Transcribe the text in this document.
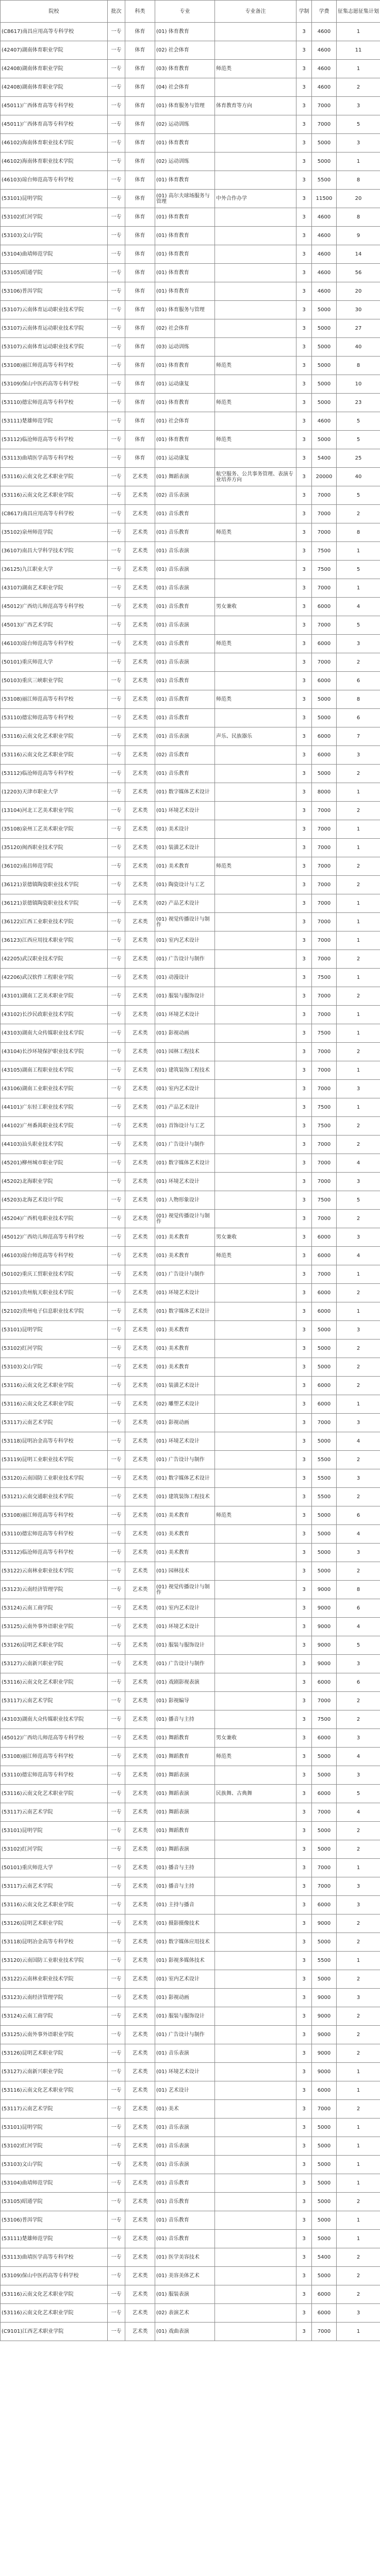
院校	批次	科类	专业	专业备注	学制	学费	征集志愿征集计划
(C8617)南昌应用高等专科学校	一专	体育	(01) 体育教育		3	4600	1
(42407)湖南体育职业学院	一专	体育	(02) 社会体育		3	4600	11
(42408)湖南体育职业学院	一专	体育	(03) 体育教育	师范类	3	4600	1
(42408)湖南体育职业学院	一专	体育	(04) 社会体育		3	4600	2
(45011)广西体育高等专科学校	一专	体育	(01) 体育服务与管理	体育教育等方向	3	7000	3
(45011)广西体育高等专科学校	一专	体育	(02) 运动训练		3	7000	5
(46102)海南体育职业技术学院	一专	体育	(01) 体育教育		3	5000	3
(46102)海南体育职业技术学院	一专	体育	(02) 运动训练		3	5000	1
(46103)琼台师范高等专科学校	一专	体育	(01) 体育教育		3	5500	8
(53101)昆明学院	一专	体育	(01) 高尔夫球场服务与管理	中外合作办学	3	11500	20
(53102)红河学院	一专	体育	(01) 体育教育		3	4600	8
(53103)文山学院	一专	体育	(01) 体育教育		3	4600	9
(53104)曲靖师范学院	一专	体育	(01) 体育教育		3	4600	14
(53105)昭通学院	一专	体育	(01) 体育教育		3	4600	56
(53106)普洱学院	一专	体育	(01) 体育教育		3	4600	20
(53107)云南体育运动职业技术学院	一专	体育	(01) 体育服务与管理		3	5000	30
(53107)云南体育运动职业技术学院	一专	体育	(02) 社会体育		3	5000	27
(53107)云南体育运动职业技术学院	一专	体育	(03) 运动训练		3	5000	40
(53108)丽江师范高等专科学校	一专	体育	(01) 体育教育	师范类	3	5000	8
(53109)保山中医药高等专科学校	一专	体育	(01) 运动康复		3	5000	10
(53110)德宏师范高等专科学校	一专	体育	(01) 体育教育	师范类	3	5000	23
(53111)楚雄师范学院	一专	体育	(01) 社会体育		3	4600	5
(53112)临沧师范高等专科学校	一专	体育	(01) 体育教育	师范类	3	5000	5
(53113)曲靖医学高等专科学校	一专	体育	(01) 运动康复		3	5400	25
(53116)云南文化艺术职业学院	一专	艺术类	(01) 舞蹈表演	航空服务、公共事务管理、表演专业培养方向	3	20000	40
(53116)云南文化艺术职业学院	一专	艺术类	(02) 音乐表演		3	7000	5
(C8617)南昌应用高等专科学校	一专	艺术类	(01) 音乐教育		3	7000	2
(35102)泉州师范学院	一专	艺术类	(01) 音乐教育	师范类	3	7000	8
(36107)南昌大学科学技术学院	一专	艺术类	(01) 音乐表演		3	7500	1
(36125)九江职业大学	一专	艺术类	(01) 音乐表演		3	7500	5
(43107)湖南艺术职业学院	一专	艺术类	(01) 音乐表演		3	7000	1
(45012)广西幼儿师范高等专科学校	一专	艺术类	(01) 音乐教育	男女兼收	3	6000	4
(45013)广西艺术学院	一专	艺术类	(01) 音乐表演		3	7000	5
(46103)琼台师范高等专科学校	一专	艺术类	(01) 音乐教育	师范类	3	6000	3
(50101)重庆师范大学	一专	艺术类	(01) 音乐表演		3	7000	2
(50103)重庆三峡职业学院	一专	艺术类	(01) 音乐教育		3	6000	6
(53108)丽江师范高等专科学校	一专	艺术类	(01) 音乐教育	师范类	3	5000	8
(53110)德宏师范高等专科学校	一专	艺术类	(01) 音乐教育		3	5000	6
(53116)云南文化艺术职业学院	一专	艺术类	(01) 音乐表演	声乐、民族器乐	3	6000	7
(53116)云南文化艺术职业学院	一专	艺术类	(02) 音乐教育		3	6000	3
(53112)临沧师范高等专科学校	一专	艺术类	(01) 音乐教育		3	5000	2
(12203)天津市职业大学	一专	艺术类	(01) 数字媒体艺术设计		3	8000	1
(13104)河北工艺美术职业学院	一专	艺术类	(01) 环境艺术设计		3	7000	2
(35108)泉州工艺美术职业学院	一专	艺术类	(01) 美术设计		3	7000	1
(35120)闽西职业技术学院	一专	艺术类	(01) 装潢艺术设计		3	7000	1
(36102)南昌师范学院	一专	艺术类	(01) 美术教育	师范类	3	7000	2
(36121)景德镇陶瓷职业技术学院	一专	艺术类	(01) 陶瓷设计与工艺		3	7000	2
(36121)景德镇陶瓷职业技术学院	一专	艺术类	(02) 产品艺术设计		3	7000	1
(36122)江西工业职业技术学院	一专	艺术类	(01) 视觉传播设计与制作		3	7000	1
(36123)江西应用技术职业学院	一专	艺术类	(01) 室内艺术设计		3	7000	1
(42205)武汉职业技术学院	一专	艺术类	(01) 广告设计与制作		3	7000	2
(42206)武汉软件工程职业学院	一专	艺术类	(01) 动漫设计		3	7500	1
(43101)湖南工艺美术职业学院	一专	艺术类	(01) 服装与服饰设计		3	7000	2
(43102)长沙民政职业技术学院	一专	艺术类	(01) 环境艺术设计		3	7000	1
(43103)湖南大众传媒职业技术学院	一专	艺术类	(01) 影视动画		3	7500	1
(43104)长沙环境保护职业技术学院	一专	艺术类	(01) 园林工程技术		3	7000	2
(43105)湖南工程职业技术学院	一专	艺术类	(01) 建筑装饰工程技术		3	7000	1
(43106)湖南工业职业技术学院	一专	艺术类	(01) 室内艺术设计		3	7000	3
(44101)广东轻工职业技术学院	一专	艺术类	(01) 产品艺术设计		3	7500	1
(44102)广州番禺职业技术学院	一专	艺术类	(01) 首饰设计与工艺		3	7500	2
(44103)汕头职业技术学院	一专	艺术类	(01) 广告设计与制作		3	7000	2
(45201)柳州城市职业学院	一专	艺术类	(01) 数字媒体艺术设计		3	7000	4
(45202)北海职业学院	一专	艺术类	(01) 环境艺术设计		3	7000	3
(45203)北海艺术设计学院	一专	艺术类	(01) 人物形象设计		3	7500	5
(45204)广西机电职业技术学院	一专	艺术类	(01) 视觉传播设计与制作		3	7000	2
(45012)广西幼儿师范高等专科学校	一专	艺术类	(01) 美术教育	男女兼收	3	6000	3
(46103)琼台师范高等专科学校	一专	艺术类	(01) 美术教育	师范类	3	6000	4
(50102)重庆工贸职业技术学院	一专	艺术类	(01) 广告设计与制作		3	7000	1
(52101)贵州航天职业技术学院	一专	艺术类	(01) 环境艺术设计		3	6000	2
(52102)贵州电子信息职业技术学院	一专	艺术类	(01) 数字媒体艺术设计		3	6000	1
(53101)昆明学院	一专	艺术类	(01) 美术教育		3	5000	3
(53102)红河学院	一专	艺术类	(01) 美术教育		3	5000	2
(53103)文山学院	一专	艺术类	(01) 美术教育		3	5000	2
(53116)云南文化艺术职业学院	一专	艺术类	(01) 装潢艺术设计		3	6000	2
(53116)云南文化艺术职业学院	一专	艺术类	(02) 雕塑艺术设计		3	6000	1
(53117)云南艺术学院	一专	艺术类	(01) 影视动画		3	7000	3
(53118)昆明冶金高等专科学校	一专	艺术类	(01) 环境艺术设计		3	5000	4
(53119)昆明工业职业技术学院	一专	艺术类	(01) 广告设计与制作		3	5500	2
(53120)云南国防工业职业技术学院	一专	艺术类	(01) 数字媒体艺术设计		3	5500	3
(53121)云南交通职业技术学院	一专	艺术类	(01) 建筑装饰工程技术		3	5500	2
(53108)丽江师范高等专科学校	一专	艺术类	(01) 美术教育	师范类	3	5000	6
(53110)德宏师范高等专科学校	一专	艺术类	(01) 美术教育		3	5000	4
(53112)临沧师范高等专科学校	一专	艺术类	(01) 美术教育		3	5000	3
(53122)云南林业职业技术学院	一专	艺术类	(01) 园林技术		3	5000	2
(53123)云南经济管理学院	一专	艺术类	(01) 视觉传播设计与制作		3	9000	8
(53124)云南工商学院	一专	艺术类	(01) 室内艺术设计		3	9000	6
(53125)云南外事外语职业学院	一专	艺术类	(01) 环境艺术设计		3	9000	4
(53126)昆明艺术职业学院	一专	艺术类	(01) 服装与服饰设计		3	9000	5
(53127)云南新兴职业学院	一专	艺术类	(01) 广告设计与制作		3	9000	3
(53116)云南文化艺术职业学院	一专	艺术类	(01) 戏剧影视表演		3	6000	6
(53117)云南艺术学院	一专	艺术类	(01) 影视编导		3	7000	2
(43103)湖南大众传媒职业技术学院	一专	艺术类	(01) 播音与主持		3	7500	2
(45012)广西幼儿师范高等专科学校	一专	艺术类	(01) 舞蹈教育	男女兼收	3	6000	3
(53108)丽江师范高等专科学校	一专	艺术类	(01) 舞蹈教育	师范类	3	5000	4
(53110)德宏师范高等专科学校	一专	艺术类	(01) 舞蹈表演		3	5000	3
(53116)云南文化艺术职业学院	一专	艺术类	(01) 舞蹈表演	民族舞、古典舞	3	6000	5
(53117)云南艺术学院	一专	艺术类	(01) 舞蹈表演		3	7000	4
(53101)昆明学院	一专	艺术类	(01) 舞蹈教育		3	5000	2
(53102)红河学院	一专	艺术类	(01) 舞蹈表演		3	5000	2
(50101)重庆师范大学	一专	艺术类	(01) 播音与主持		3	7000	1
(53117)云南艺术学院	一专	艺术类	(01) 播音与主持		3	7000	3
(53116)云南文化艺术职业学院	一专	艺术类	(01) 主持与播音		3	6000	3
(53126)昆明艺术职业学院	一专	艺术类	(01) 摄影摄像技术		3	9000	2
(53118)昆明冶金高等专科学校	一专	艺术类	(01) 数字媒体应用技术		3	5000	2
(53120)云南国防工业职业技术学院	一专	艺术类	(01) 影视多媒体技术		3	5500	1
(53122)云南林业职业技术学院	一专	艺术类	(01) 室内艺术设计		3	5000	2
(53123)云南经济管理学院	一专	艺术类	(01) 影视动画		3	9000	3
(53124)云南工商学院	一专	艺术类	(01) 服装与服饰设计		3	9000	2
(53125)云南外事外语职业学院	一专	艺术类	(01) 广告设计与制作		3	9000	2
(53126)昆明艺术职业学院	一专	艺术类	(01) 音乐表演		3	9000	2
(53127)云南新兴职业学院	一专	艺术类	(01) 环境艺术设计		3	9000	1
(53116)云南文化艺术职业学院	一专	艺术类	(01) 艺术设计		3	6000	1
(53117)云南艺术学院	一专	艺术类	(01) 美术		3	7000	2
(53101)昆明学院	一专	艺术类	(01) 音乐表演		3	5000	1
(53102)红河学院	一专	艺术类	(01) 音乐表演		3	5000	1
(53103)文山学院	一专	艺术类	(01) 音乐表演		3	5000	1
(53104)曲靖师范学院	一专	艺术类	(01) 音乐教育		3	5000	1
(53105)昭通学院	一专	艺术类	(01) 音乐教育		3	5000	2
(53106)普洱学院	一专	艺术类	(01) 音乐教育		3	5000	1
(53111)楚雄师范学院	一专	艺术类	(01) 音乐教育		3	5000	1
(53113)曲靖医学高等专科学校	一专	艺术类	(01) 医学美容技术		3	5400	2
(53109)保山中医药高等专科学校	一专	艺术类	(01) 美容美体艺术		3	5000	2
(53116)云南文化艺术职业学院	一专	艺术类	(01) 服装表演		3	6000	2
(53116)云南文化艺术职业学院	一专	艺术类	(02) 表演艺术		3	6000	3
(C9101)江西艺术职业学院	一专	艺术类	(01) 戏曲表演		3	7000	1
